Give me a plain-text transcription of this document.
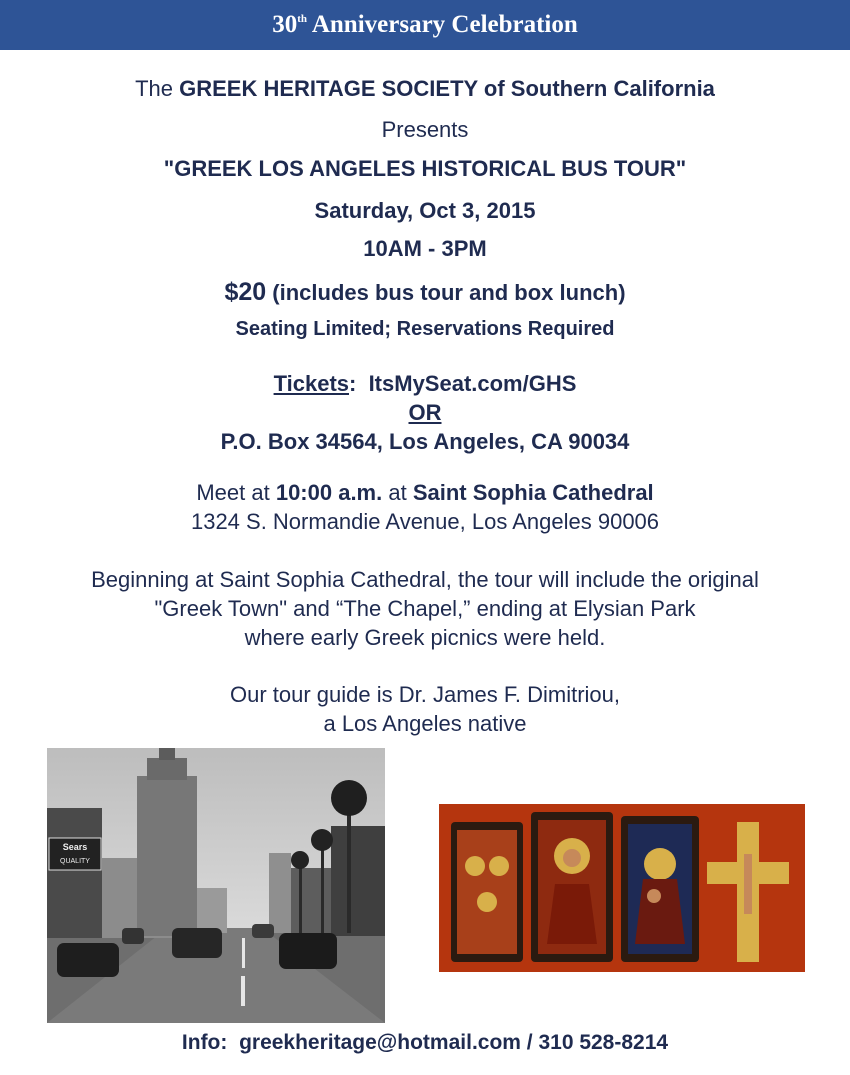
30th Anniversary Celebration
The GREEK HERITAGE SOCIETY of Southern California
Presents
"GREEK LOS ANGELES HISTORICAL BUS TOUR"
Saturday, Oct 3, 2015
10AM - 3PM
$20 (includes bus tour and box lunch)
Seating Limited; Reservations Required
Tickets: ItsMySeat.com/GHS
OR
P.O. Box 34564, Los Angeles, CA 90034
Meet at 10:00 a.m. at Saint Sophia Cathedral
1324 S. Normandie Avenue, Los Angeles 90006
Beginning at Saint Sophia Cathedral, the tour will include the original
"Greek Town" and “The Chapel,” ending at Elysian Park
where early Greek picnics were held.
Our tour guide is Dr. James F. Dimitriou,
a Los Angeles native
Sears
QUALITY
Info: greekheritage@hotmail.com / 310 528-8214
